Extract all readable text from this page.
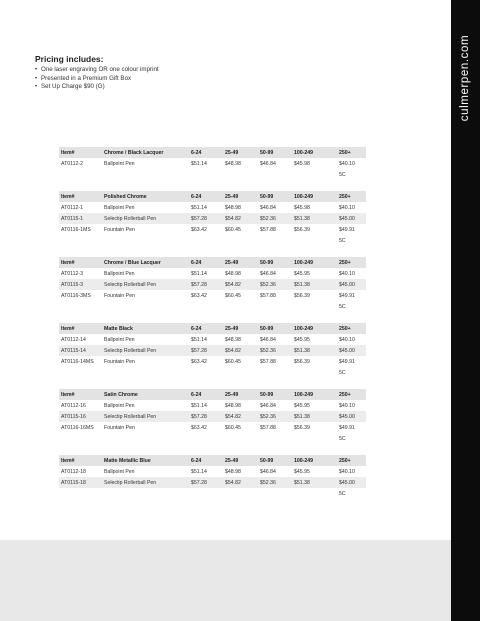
culmerpen.com
Pricing includes:
• One laser engraving OR one colour imprint
• Presented in a Premium Gift Box
• Set Up Charge $90 (G)
Item#	Chrome / Black Lacquer	6-24	25-49	50-99	100-249	250+
AT0112-2	Ballpoint Pen	$51.14	$48.98	$46.84	$45.98	$40.10
						5C
Item#	Polished Chrome	6-24	25-49	50-99	100-249	250+
AT0112-1	Ballpoint Pen	$51.14	$48.98	$46.84	$45.98	$40.10
AT0115-1	Selectip Rollerball Pen	$57.28	$54.82	$52.36	$51.38	$45.00
AT0116-1MS	Fountain Pen	$63.42	$60.45	$57.88	$56.39	$49.91
						5C
Item#	Chrome / Blue Lacquer	6-24	25-49	50-99	100-249	250+
AT0112-3	Ballpoint Pen	$51.14	$48.98	$46.84	$45.95	$40.10
AT0115-3	Selectip Rollerball Pen	$57.28	$54.82	$52.36	$51.38	$45.00
AT0116-3MS	Fountain Pen	$63.42	$60.45	$57.88	$56.39	$49.91
						5C
Item#	Matte Black	6-24	25-49	50-99	100-249	250+
AT0112-14	Ballpoint Pen	$51.14	$48.98	$46.84	$45.95	$40.10
AT0115-14	Selectip Rollerball Pen	$57.28	$54.82	$52.36	$51.38	$45.00
AT0116-14MS	Fountain Pen	$63.42	$60.45	$57.88	$56.39	$49.91
						5C
Item#	Satin Chrome	6-24	25-49	50-99	100-249	250+
AT0112-16	Ballpoint Pen	$51.14	$48.98	$46.84	$45.95	$40.10
AT0115-16	Selectip Rollerball Pen	$57.28	$54.82	$52.36	$51.38	$45.00
AT0116-16MS	Fountain Pen	$63.42	$60.45	$57.88	$56.39	$49.91
						5C
Item#	Matte Metallic Blue	6-24	25-49	50-99	100-249	250+
AT0112-18	Ballpoint Pen	$51.14	$48.98	$46.84	$45.95	$40.10
AT0115-18	Selectip Rollerball Pen	$57.28	$54.82	$52.36	$51.38	$45.00
						5C
